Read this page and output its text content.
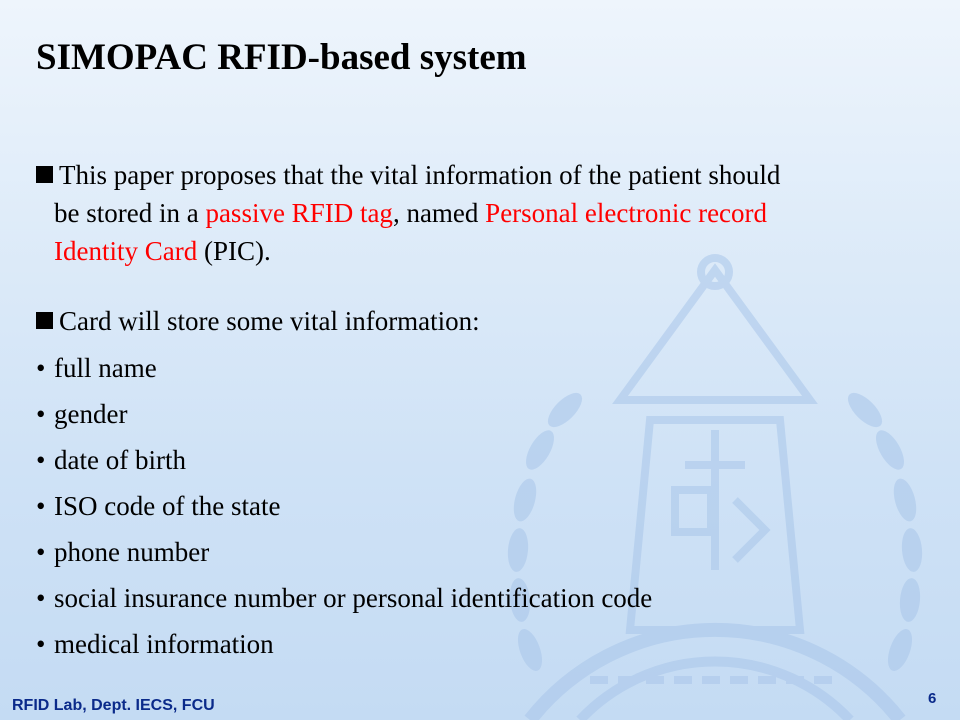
SIMOPAC RFID-based system
This paper proposes that the vital information of the patient should
be stored in a passive RFID tag, named Personal electronic record
Identity Card (PIC).
Card will store some vital information:
• full name
• gender
• date of birth
• ISO code of the state
• phone number
• social insurance number or personal identification code
• medical information
RFID Lab, Dept. IECS, FCU	6
